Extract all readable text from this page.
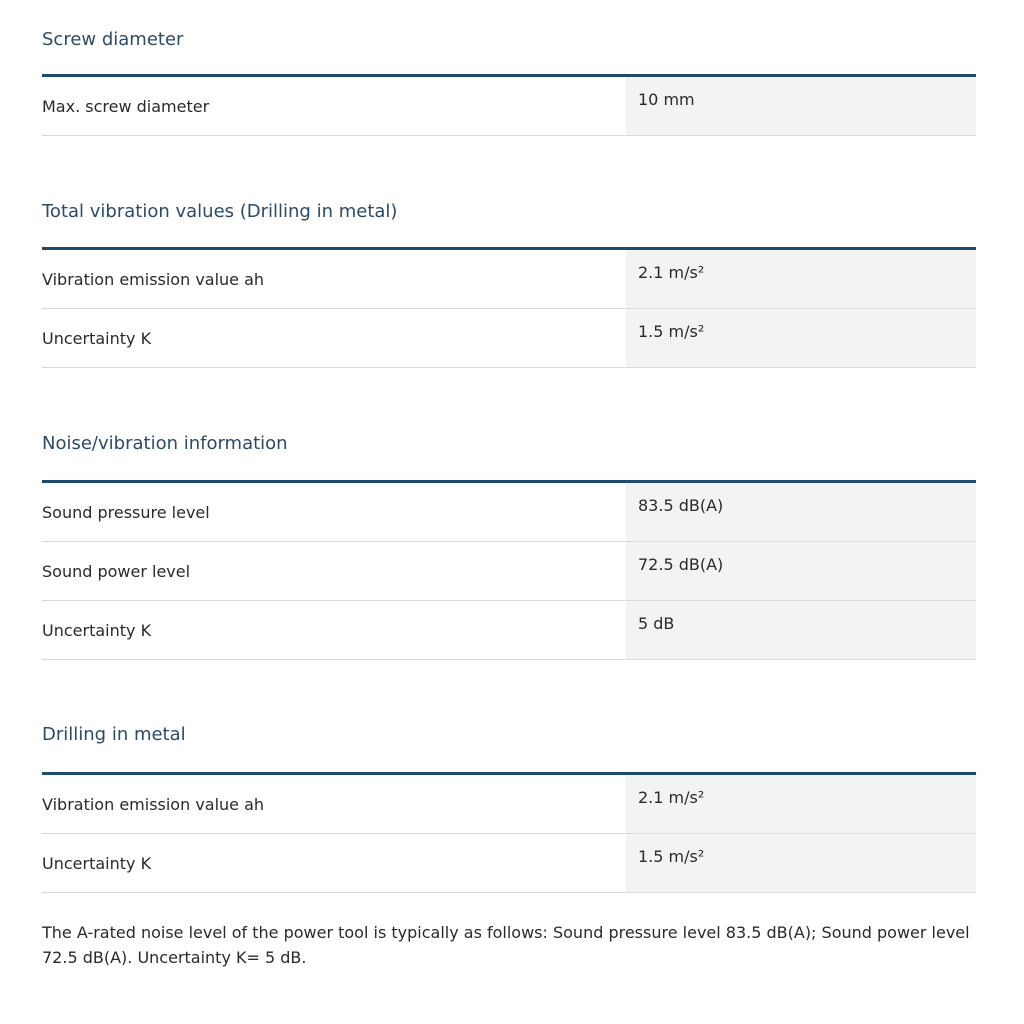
Screw diameter
Max. screw diameter	10 mm
Total vibration values (Drilling in metal)
Vibration emission value ah	2.1 m/s²
Uncertainty K	1.5 m/s²
Noise/vibration information
Sound pressure level	83.5 dB(A)
Sound power level	72.5 dB(A)
Uncertainty K	5 dB
Drilling in metal
Vibration emission value ah	2.1 m/s²
Uncertainty K	1.5 m/s²

The A-rated noise level of the power tool is typically as follows: Sound pressure level 83.5 dB(A); Sound power level 72.5 dB(A). Uncertainty K= 5 dB.
